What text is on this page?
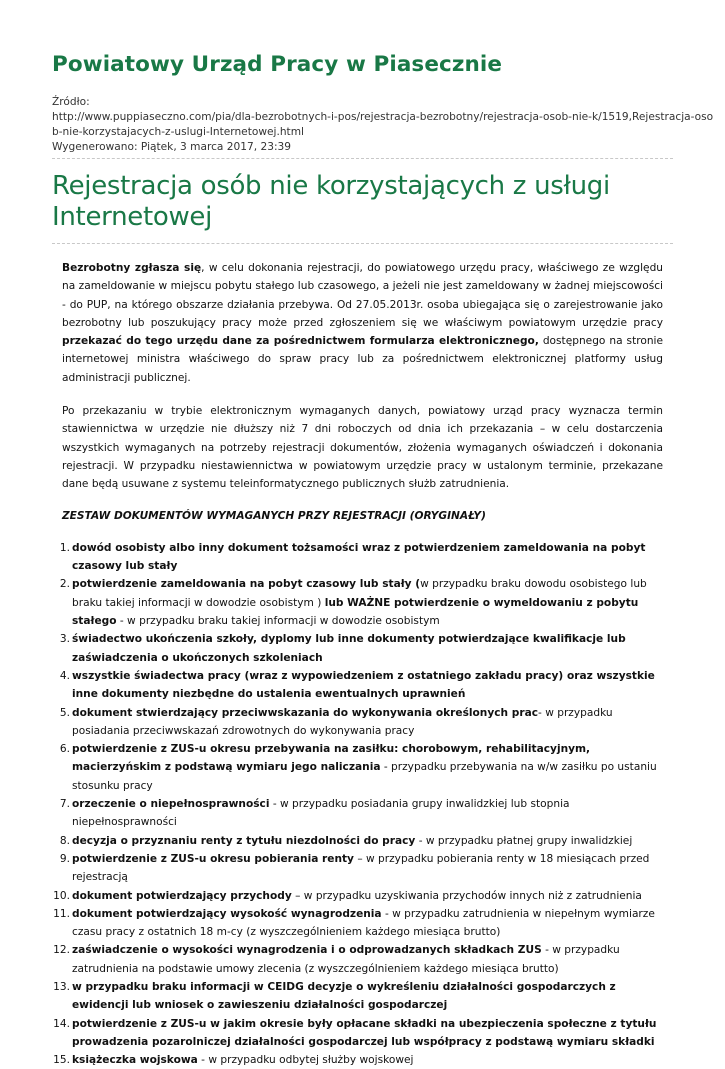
Powiatowy Urząd Pracy w Piasecznie
Źródło:
http://www.puppiaseczno.com/pia/dla-bezrobotnych-i-pos/rejestracja-bezrobotny/rejestracja-osob-nie-k/1519,Rejestracja-oso
b-nie-korzystajacych-z-uslugi-Internetowej.html
Wygenerowano: Piątek, 3 marca 2017, 23:39
Rejestracja osób nie korzystających z usługi Internetowej

Bezrobotny zgłasza się, w celu dokonania rejestracji, do powiatowego urzędu pracy, właściwego ze względu na zameldowanie w miejscu pobytu stałego lub czasowego, a jeżeli nie jest zameldowany w żadnej miejscowości - do PUP, na którego obszarze działania przebywa. Od 27.05.2013r. osoba ubiegająca się o zarejestrowanie jako bezrobotny lub poszukujący pracy może przed zgłoszeniem się we właściwym powiatowym urzędzie pracy przekazać do tego urzędu dane za pośrednictwem formularza elektronicznego, dostępnego na stronie internetowej ministra właściwego do spraw pracy lub za pośrednictwem elektronicznej platformy usług administracji publicznej.

Po przekazaniu w trybie elektronicznym wymaganych danych, powiatowy urząd pracy wyznacza termin stawiennictwa w urzędzie nie dłuższy niż 7 dni roboczych od dnia ich przekazania – w celu dostarczenia wszystkich wymaganych na potrzeby rejestracji dokumentów, złożenia wymaganych oświadczeń i dokonania rejestracji. W przypadku niestawiennictwa w powiatowym urzędzie pracy w ustalonym terminie, przekazane dane będą usuwane z systemu teleinformatycznego publicznych służb zatrudnienia.

ZESTAW DOKUMENTÓW WYMAGANYCH PRZY REJESTRACJI (ORYGINAŁY)

1. dowód osobisty albo inny dokument tożsamości wraz z potwierdzeniem zameldowania na pobyt czasowy lub stały
2. potwierdzenie zameldowania na pobyt czasowy lub stały (w przypadku braku dowodu osobistego lub braku takiej informacji w dowodzie osobistym ) lub WAŻNE potwierdzenie o wymeldowaniu z pobytu stałego - w przypadku braku takiej informacji w dowodzie osobistym
3. świadectwo ukończenia szkoły, dyplomy lub inne dokumenty potwierdzające kwalifikacje lub zaświadczenia o ukończonych szkoleniach
4. wszystkie świadectwa pracy (wraz z wypowiedzeniem z ostatniego zakładu pracy) oraz wszystkie inne dokumenty niezbędne do ustalenia ewentualnych uprawnień
5. dokument stwierdzający przeciwwskazania do wykonywania określonych prac- w przypadku posiadania przeciwwskazań zdrowotnych do wykonywania pracy
6. potwierdzenie z ZUS-u okresu przebywania na zasiłku: chorobowym, rehabilitacyjnym, macierzyńskim z podstawą wymiaru jego naliczania - przypadku przebywania na w/w zasiłku po ustaniu stosunku pracy
7. orzeczenie o niepełnosprawności - w przypadku posiadania grupy inwalidzkiej lub stopnia niepełnosprawności
8. decyzja o przyznaniu renty z tytułu niezdolności do pracy - w przypadku płatnej grupy inwalidzkiej
9. potwierdzenie z ZUS-u okresu pobierania renty – w przypadku pobierania renty w 18 miesiącach przed rejestracją
10. dokument potwierdzający przychody – w przypadku uzyskiwania przychodów innych niż z zatrudnienia
11. dokument potwierdzający wysokość wynagrodzenia - w przypadku zatrudnienia w niepełnym wymiarze czasu pracy z ostatnich 18 m-cy (z wyszczególnieniem każdego miesiąca brutto)
12. zaświadczenie o wysokości wynagrodzenia i o odprowadzanych składkach ZUS - w przypadku zatrudnienia na podstawie umowy zlecenia (z wyszczególnieniem każdego miesiąca brutto)
13. w przypadku braku informacji w CEIDG decyzje o wykreśleniu działalności gospodarczych z ewidencji lub wniosek o zawieszeniu działalności gospodarczej
14. potwierdzenie z ZUS-u w jakim okresie były opłacane składki na ubezpieczenia społeczne z tytułu prowadzenia pozarolniczej działalności gospodarczej lub współpracy z podstawą wymiaru składki
15. książeczka wojskowa - w przypadku odbytej służby wojskowej
